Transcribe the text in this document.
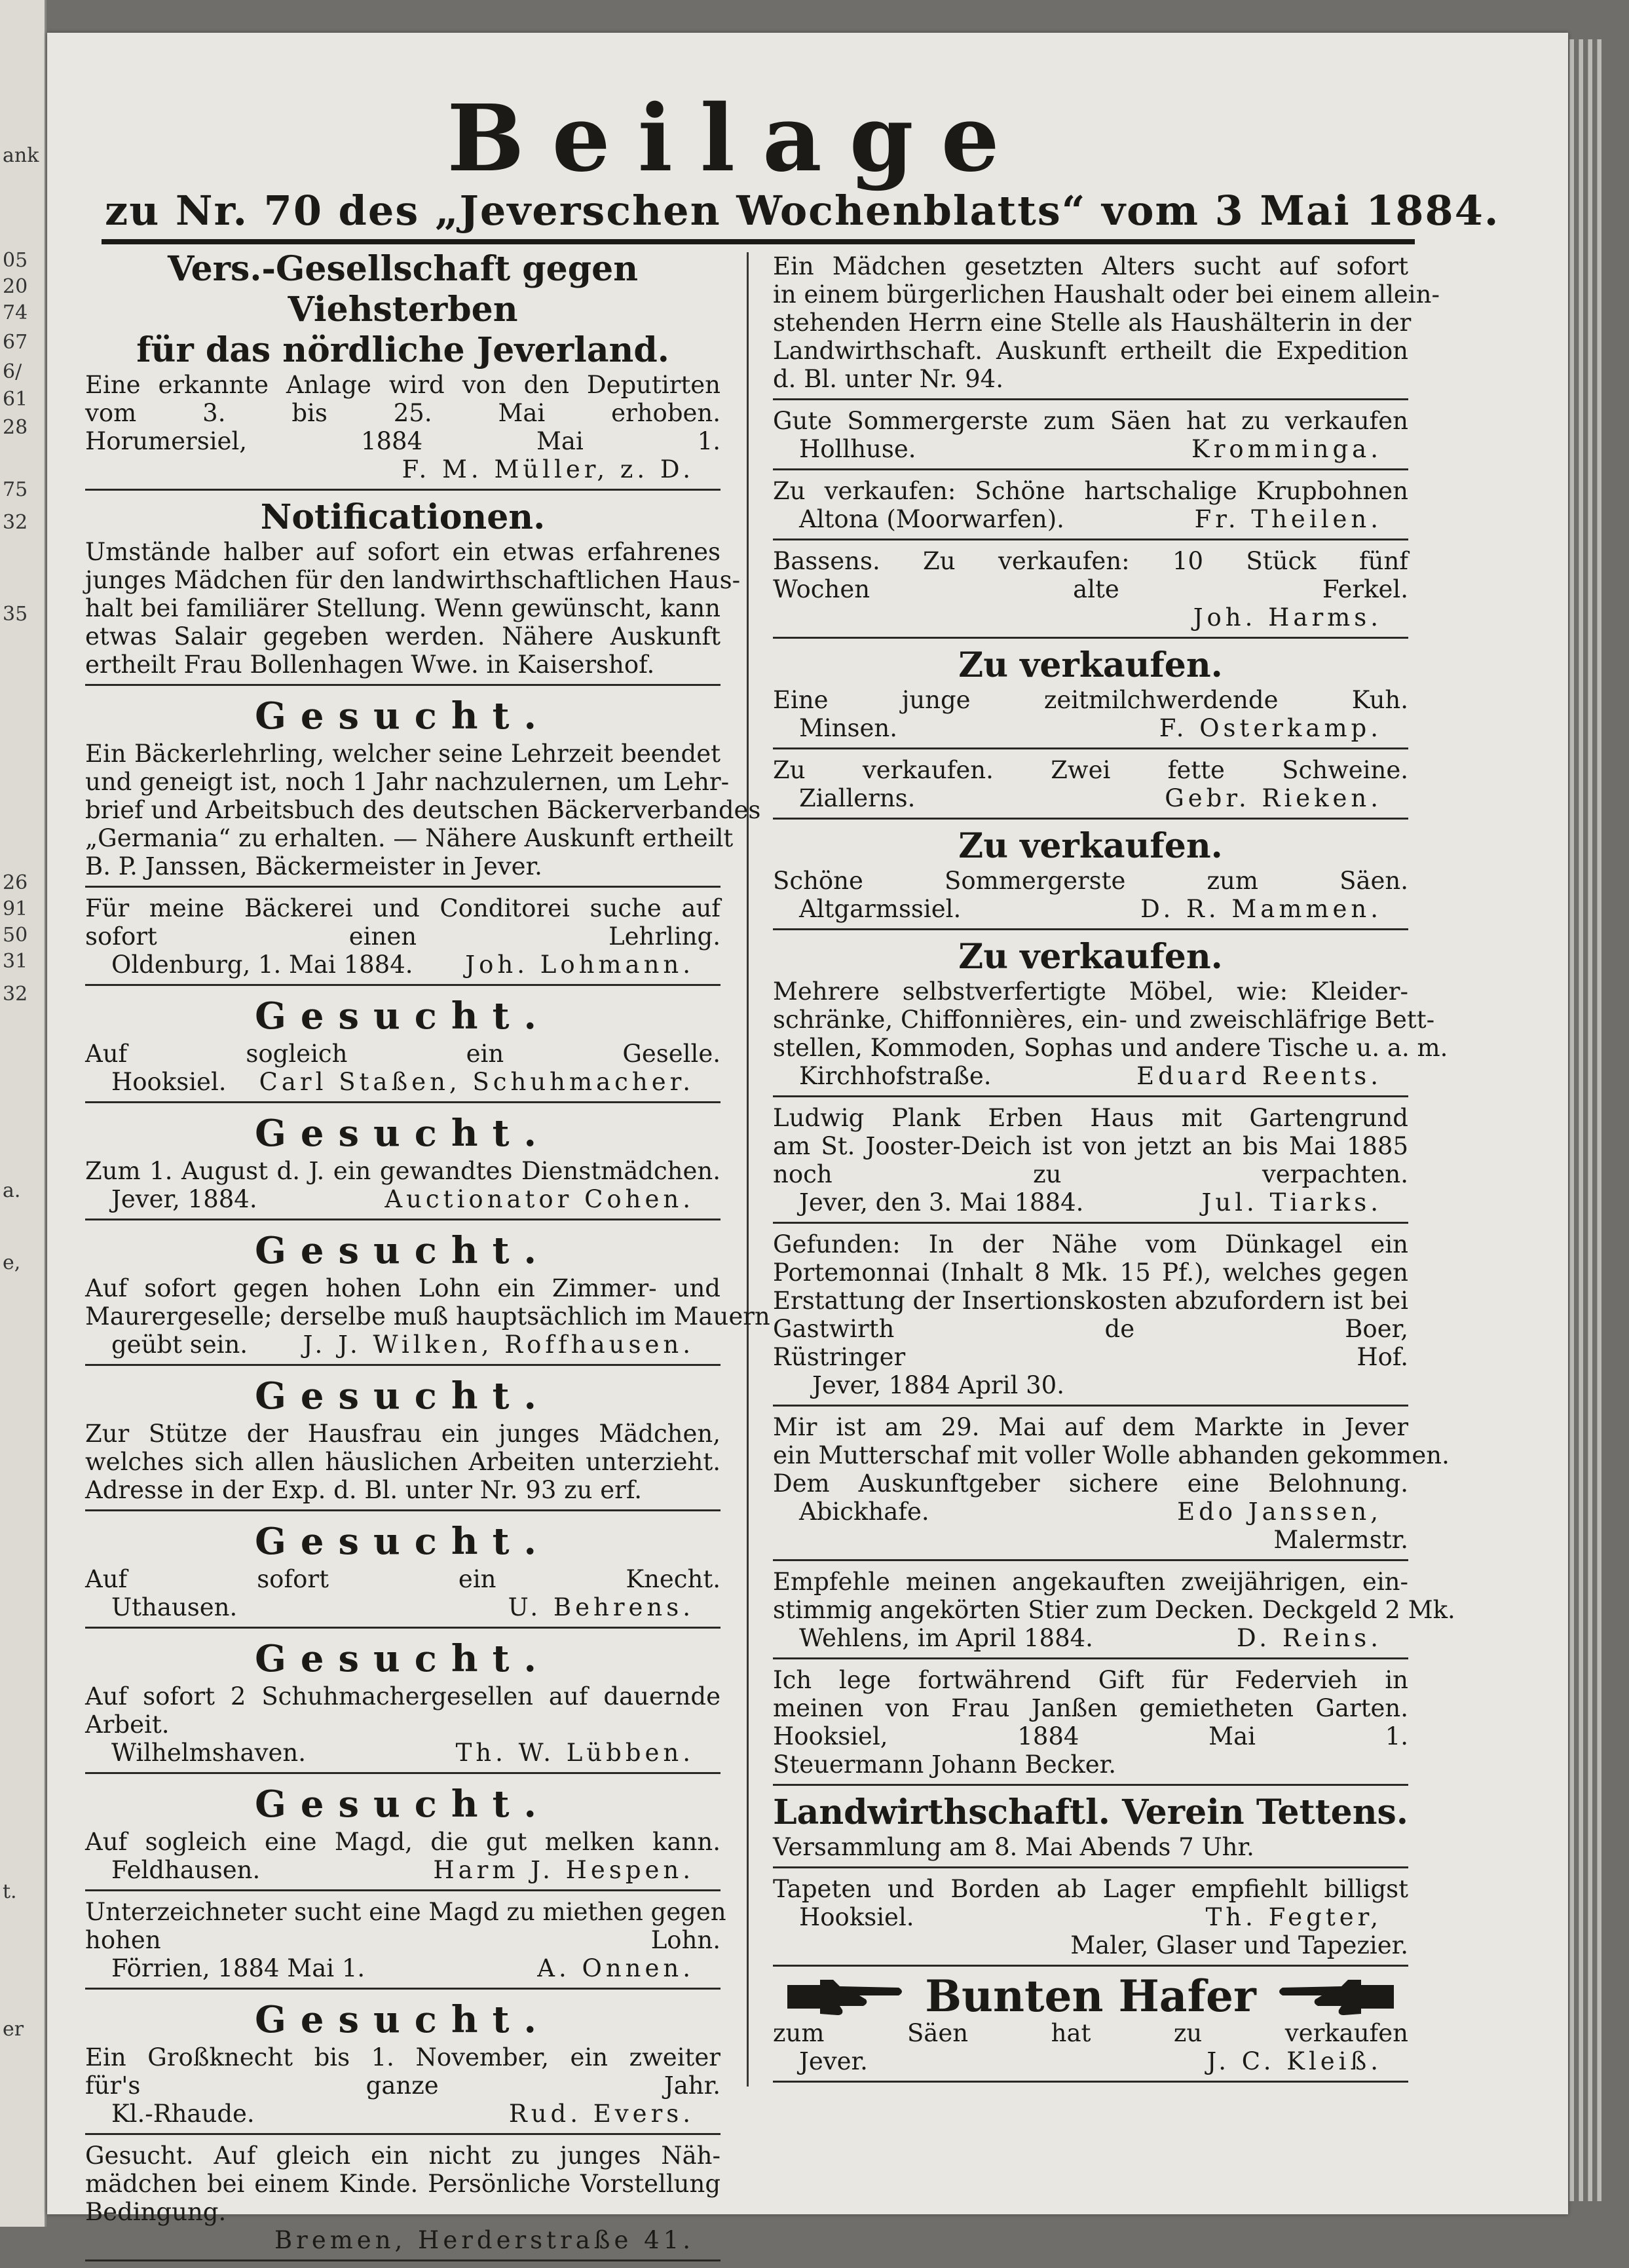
ank
05
20
74
67
6/
61
28
75
32
35
26
91
50
31
32
a.
e,
t.
er
Beilage
zu Nr. 70 des „Jeverschen Wochenblatts“ vom 3 Mai 1884.
Vers.-Gesellschaft gegen Viehsterben
für das nördliche Jeverland.
Eine erkannte Anlage wird von den Deputirten
vom 3. bis 25. Mai erhoben.
Horumersiel, 1884 Mai 1.
F. M. Müller, z. D.
Notificationen.
Umstände halber auf sofort ein etwas erfahrenes
junges Mädchen für den landwirthschaftlichen Haus-
halt bei familiärer Stellung. Wenn gewünscht, kann
etwas Salair gegeben werden. Nähere Auskunft
ertheilt Frau Bollenhagen Wwe. in Kaisershof.
Gesucht.
Ein Bäckerlehrling, welcher seine Lehrzeit beendet
und geneigt ist, noch 1 Jahr nachzulernen, um Lehr-
brief und Arbeitsbuch des deutschen Bäckerverbandes
„Germania“ zu erhalten. — Nähere Auskunft ertheilt
B. P. Janssen, Bäckermeister in Jever.
Für meine Bäckerei und Conditorei suche auf
sofort einen Lehrling.
Oldenburg, 1. Mai 1884. Joh. Lohmann.
Gesucht.
Auf sogleich ein Geselle.
Hooksiel. Carl Staßen, Schuhmacher.
Gesucht.
Zum 1. August d. J. ein gewandtes Dienstmädchen.
Jever, 1884.	Auctionator Cohen.
Gesucht.
Auf sofort gegen hohen Lohn ein Zimmer- und
Maurergeselle; derselbe muß hauptsächlich im Mauern
geübt sein. J. J. Wilken, Roffhausen.
Gesucht.
Zur Stütze der Hausfrau ein junges Mädchen,
welches sich allen häuslichen Arbeiten unterzieht.
Adresse in der Exp. d. Bl. unter Nr. 93 zu erf.
Gesucht.
Auf sofort ein Knecht.
Uthausen.	U. Behrens.
Gesucht.
Auf sofort 2 Schuhmachergesellen auf dauernde
Arbeit.
Wilhelmshaven.	Th. W. Lübben.
Gesucht.
Auf sogleich eine Magd, die gut melken kann.
Feldhausen.	Harm J. Hespen.
Unterzeichneter sucht eine Magd zu miethen gegen
hohen Lohn.
Förrien, 1884 Mai 1.	A. Onnen.
Gesucht.
Ein Großknecht bis 1. November, ein zweiter
für's ganze Jahr.
Kl.-Rhaude.	Rud. Evers.
Gesucht. Auf gleich ein nicht zu junges Näh-
mädchen bei einem Kinde. Persönliche Vorstellung
Bedingung.
Bremen, Herderstraße 41.
Ein Mädchen gesetzten Alters sucht auf sofort
in einem bürgerlichen Haushalt oder bei einem allein-
stehenden Herrn eine Stelle als Haushälterin in der
Landwirthschaft. Auskunft ertheilt die Expedition
d. Bl. unter Nr. 94.
Gute Sommergerste zum Säen hat zu verkaufen
Hollhuse.	Krommingа.
Zu verkaufen: Schöne hartschalige Krupbohnen
Altona (Moorwarfen).	Fr. Theilen.
Bassens. Zu verkaufen: 10 Stück fünf
Wochen alte Ferkel.
Joh. Harms.
Zu verkaufen.
Eine junge zeitmilchwerdende Kuh.
Minsen.	F. Osterkamp.
Zu verkaufen. Zwei fette Schweine.
Ziallerns.	Gebr. Rieken.
Zu verkaufen.
Schöne Sommergerste zum Säen.
Altgarmssiel.	D. R. Mammen.
Zu verkaufen.
Mehrere selbstverfertigte Möbel, wie: Kleider-
schränke, Chiffonnières, ein- und zweischläfrige Bett-
stellen, Kommoden, Sophas und andere Tische u. a. m.
Kirchhofstraße.	Eduard Reents.
Ludwig Plank Erben Haus mit Gartengrund
am St. Jooster-Deich ist von jetzt an bis Mai 1885
noch zu verpachten.
Jever, den 3. Mai 1884.	Jul. Tiarks.
Gefunden: In der Nähe vom Dünkagel ein
Portemonnai (Inhalt 8 Mk. 15 Pf.), welches gegen
Erstattung der Insertionskosten abzufordern ist bei
Gastwirth de Boer,
Rüstringer Hof.
Jever, 1884 April 30.
Mir ist am 29. Mai auf dem Markte in Jever
ein Mutterschaf mit voller Wolle abhanden gekommen.
Dem Auskunftgeber sichere eine Belohnung.
Abickhafe.	Edo Janssen,
Malermstr.
Empfehle meinen angekauften zweijährigen, ein-
stimmig angekörten Stier zum Decken. Deckgeld 2 Mk.
Wehlens, im April 1884.	D. Reins.
Ich lege fortwährend Gift für Federvieh in
meinen von Frau Janßen gemietheten Garten.
Hooksiel, 1884 Mai 1.
Steuermann Johann Becker.
Landwirthschaftl. Verein Tettens.
Versammlung am 8. Mai Abends 7 Uhr.
Tapeten und Borden ab Lager empfiehlt billigst
Hooksiel.	Th. Fegter,
Maler, Glaser und Tapezier.
Bunten Hafer
zum Säen hat zu verkaufen
Jever.	J. C. Kleiß.
